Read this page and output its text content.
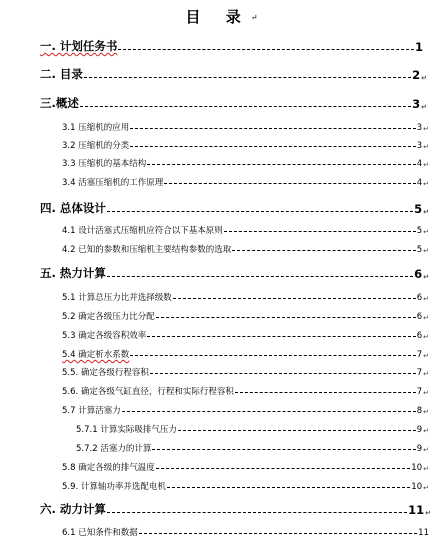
目 录↵
一. 计划任务书	1
二. 目录	2 ↵
三.概述	3 ↵
3.1 压缩机的应用	3 ↵
3.2 压缩机的分类	3 ↵
3.3 压缩机的基本结构	4 ↵
3.4 活塞压缩机的工作原理	4 ↵
四. 总体设计	5 ↵
4.1 设计活塞式压缩机应符合以下基本原则	5 ↵
4.2 已知的参数和压缩机主要结构参数的选取	5 ↵
五. 热力计算	6 ↵
5.1 计算总压力比并选择级数	6 ↵
5.2 确定各级压力比分配	6 ↵
5.3 确定各级容积效率	6 ↵
5.4 确定析水系数	7 ↵
5.5. 确定各级行程容积	7 ↵
5.6. 确定各级气缸直径，行程和实际行程容积	7 ↵
5.7 计算活塞力	8 ↵
5.7.1 计算实际吸排气压力	9 ↵
5.7.2 活塞力的计算	9 ↵
5.8 确定各级的排气温度	10 ↵
5.9. 计算轴功率并选配电机	10 ↵
六. 动力计算	11 ↵
6.1 已知条件和数据	11
